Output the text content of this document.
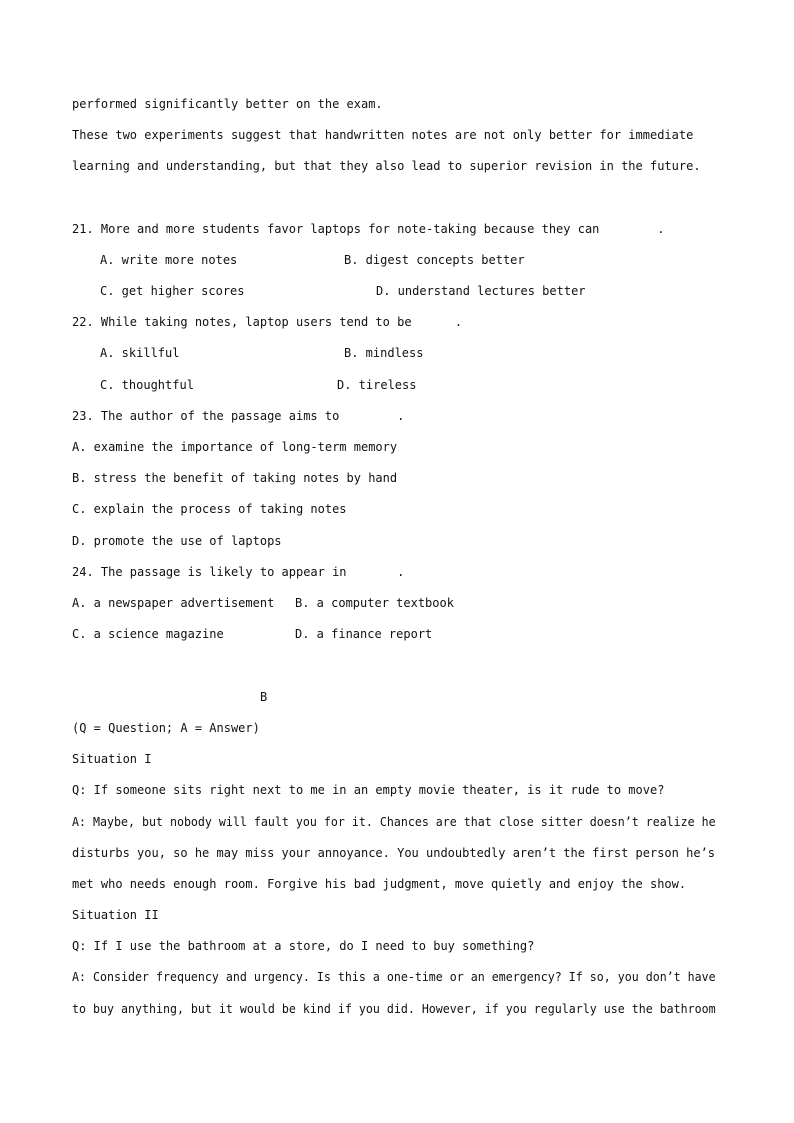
performed significantly better on the exam.
These two experiments suggest that handwritten notes are not only better for immediate
learning and understanding, but that they also lead to superior revision in the future.
21. More and more students favor laptops for note-taking because they can        .
A. write more notes	B. digest concepts better
C. get higher scores	D. understand lectures better
22. While taking notes, laptop users tend to be      .
A. skillful	B. mindless
C. thoughtful	D. tireless
23. The author of the passage aims to        .
A. examine the importance of long-term memory
B. stress the benefit of taking notes by hand
C. explain the process of taking notes
D. promote the use of laptops
24. The passage is likely to appear in       .
A. a newspaper advertisement B. a computer textbook
C. a science magazine	D. a finance report
B
(Q = Question; A = Answer)
Situation I
Q: If someone sits right next to me in an empty movie theater, is it rude to move?
A: Maybe, but nobody will fault you for it. Chances are that close sitter doesn’t realize he
disturbs you, so he may miss your annoyance. You undoubtedly aren’t the first person he’s
met who needs enough room. Forgive his bad judgment, move quietly and enjoy the show.
Situation II
Q: If I use the bathroom at a store, do I need to buy something?
A: Consider frequency and urgency. Is this a one-time or an emergency? If so, you don’t have
to buy anything, but it would be kind if you did. However, if you regularly use the bathroom
